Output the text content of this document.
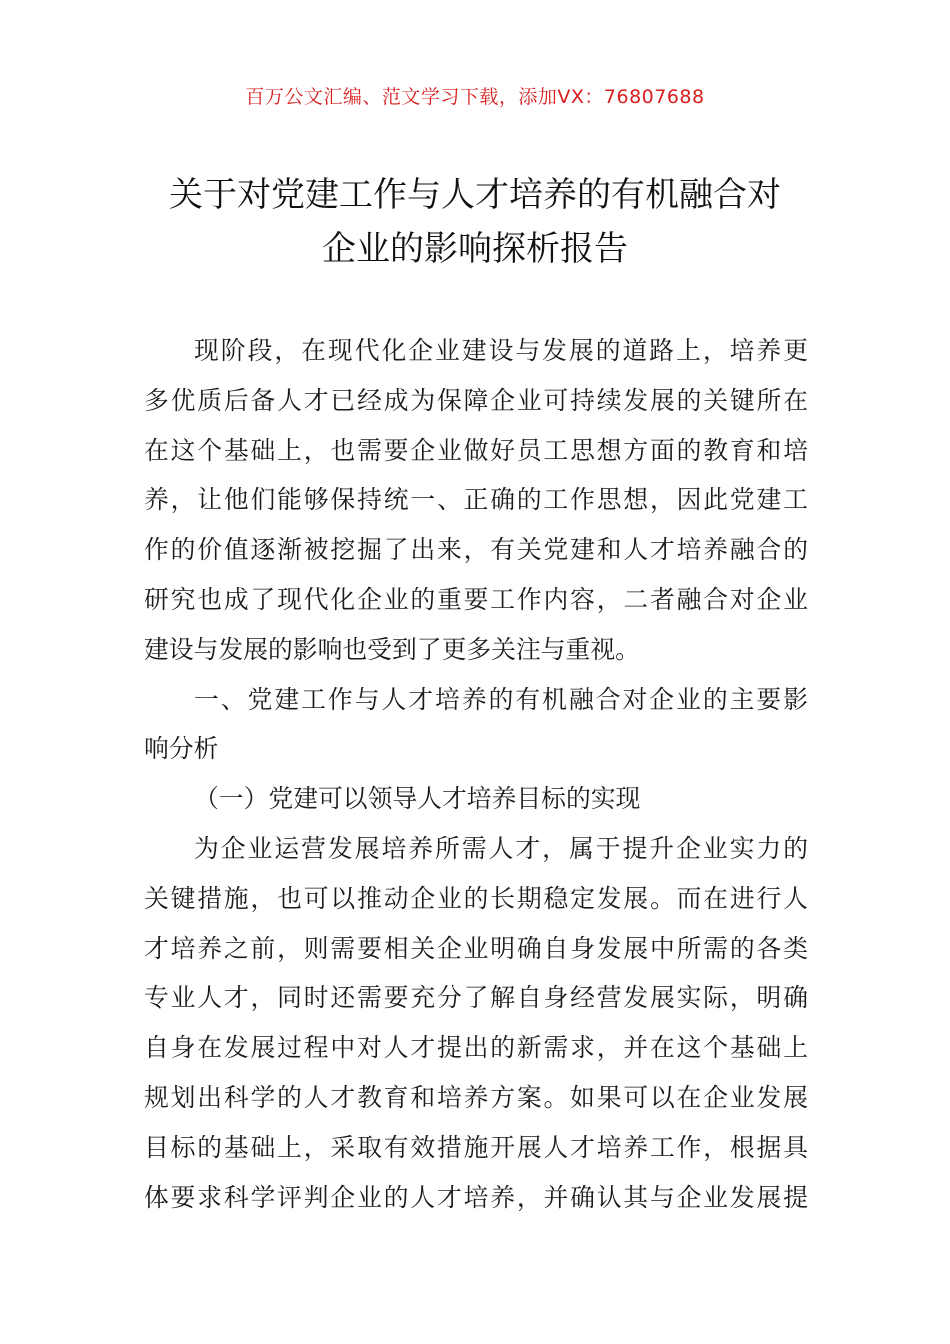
百万公文汇编、范文学习下载，添加VX：76807688
关于对党建工作与人才培养的有机融合对
企业的影响探析报告
现阶段，在现代化企业建设与发展的道路上，培养更
多优质后备人才已经成为保障企业可持续发展的关键所在
在这个基础上，也需要企业做好员工思想方面的教育和培
养，让他们能够保持统一、正确的工作思想，因此党建工
作的价值逐渐被挖掘了出来，有关党建和人才培养融合的
研究也成了现代化企业的重要工作内容，二者融合对企业
建设与发展的影响也受到了更多关注与重视。
一、党建工作与人才培养的有机融合对企业的主要影
响分析
（一）党建可以领导人才培养目标的实现
为企业运营发展培养所需人才，属于提升企业实力的
关键措施，也可以推动企业的长期稳定发展。而在进行人
才培养之前，则需要相关企业明确自身发展中所需的各类
专业人才，同时还需要充分了解自身经营发展实际，明确
自身在发展过程中对人才提出的新需求，并在这个基础上
规划出科学的人才教育和培养方案。如果可以在企业发展
目标的基础上，采取有效措施开展人才培养工作，根据具
体要求科学评判企业的人才培养，并确认其与企业发展提
